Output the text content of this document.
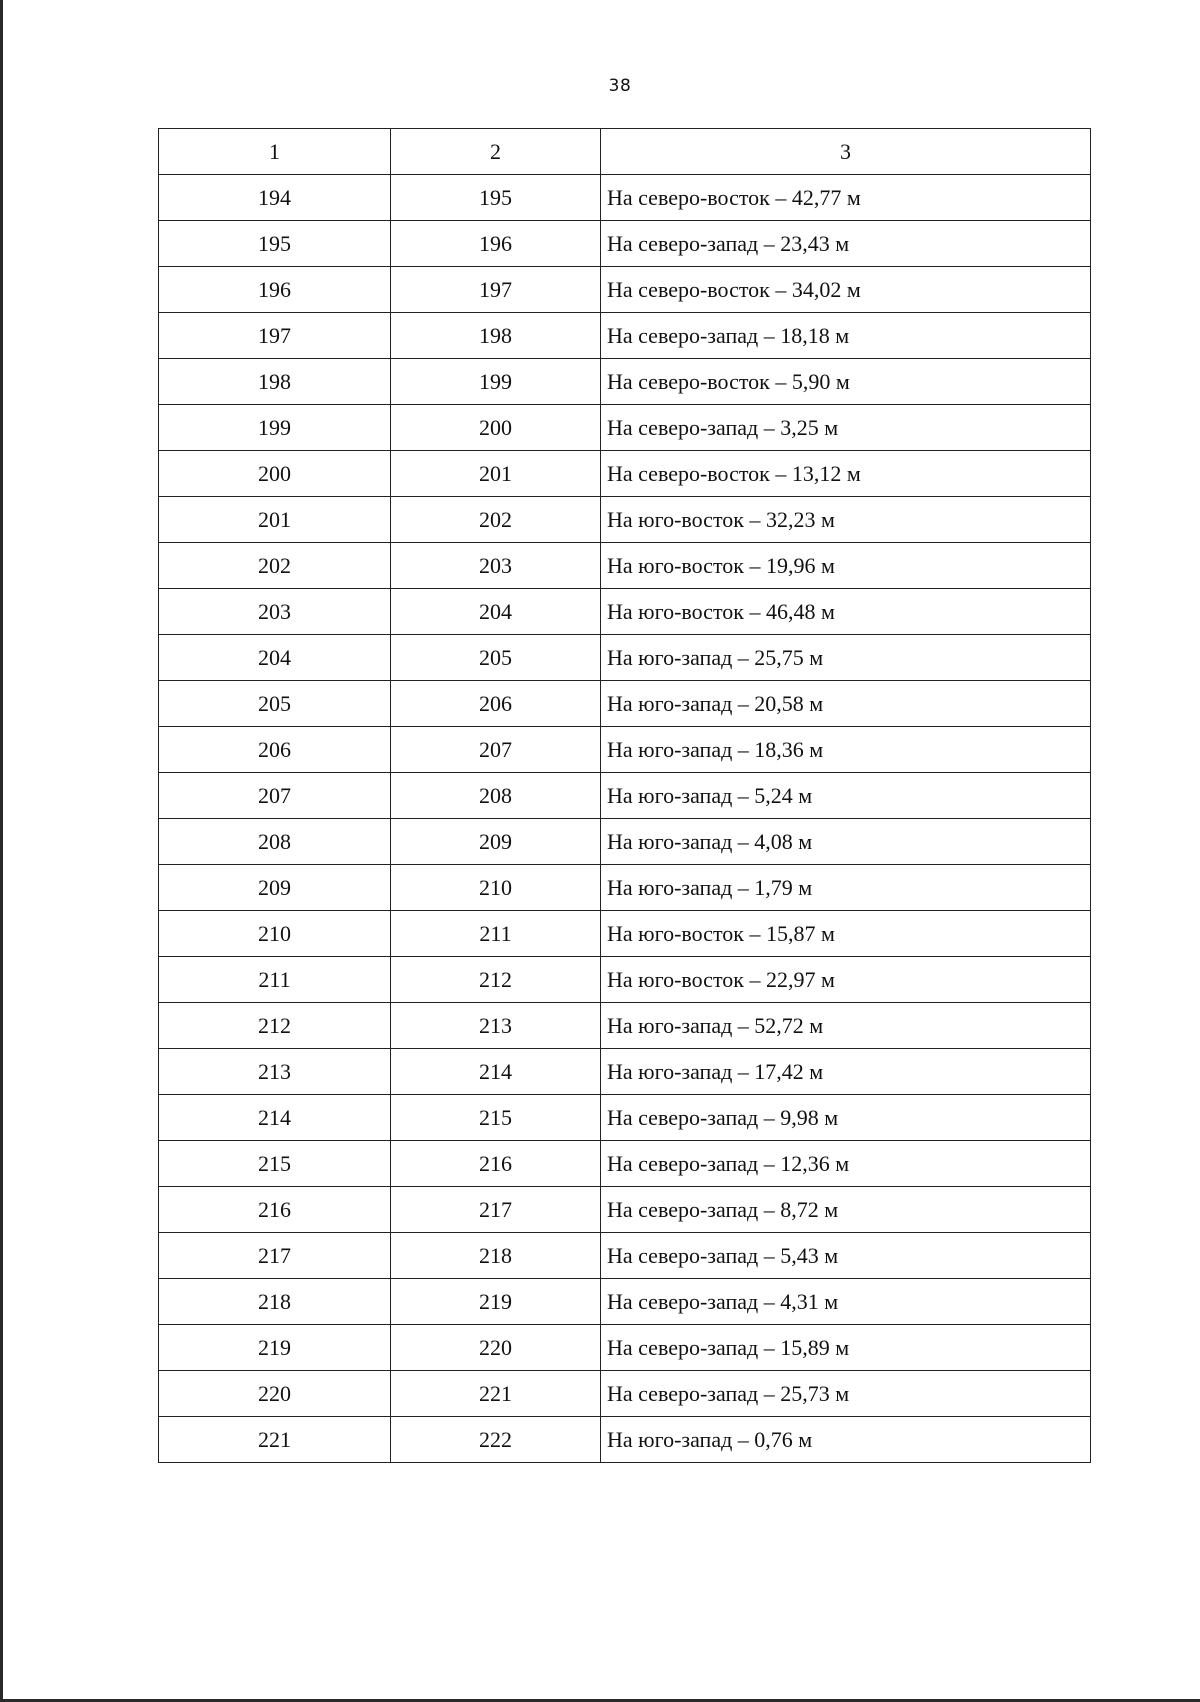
38
1	2	3
194	195	На северо-восток – 42,77 м
195	196	На северо-запад – 23,43 м
196	197	На северо-восток – 34,02 м
197	198	На северо-запад – 18,18 м
198	199	На северо-восток – 5,90 м
199	200	На северо-запад – 3,25 м
200	201	На северо-восток – 13,12 м
201	202	На юго-восток – 32,23 м
202	203	На юго-восток – 19,96 м
203	204	На юго-восток – 46,48 м
204	205	На юго-запад – 25,75 м
205	206	На юго-запад – 20,58 м
206	207	На юго-запад – 18,36 м
207	208	На юго-запад – 5,24 м
208	209	На юго-запад – 4,08 м
209	210	На юго-запад – 1,79 м
210	211	На юго-восток – 15,87 м
211	212	На юго-восток – 22,97 м
212	213	На юго-запад – 52,72 м
213	214	На юго-запад – 17,42 м
214	215	На северо-запад – 9,98 м
215	216	На северо-запад – 12,36 м
216	217	На северо-запад – 8,72 м
217	218	На северо-запад – 5,43 м
218	219	На северо-запад – 4,31 м
219	220	На северо-запад – 15,89 м
220	221	На северо-запад – 25,73 м
221	222	На юго-запад – 0,76 м
